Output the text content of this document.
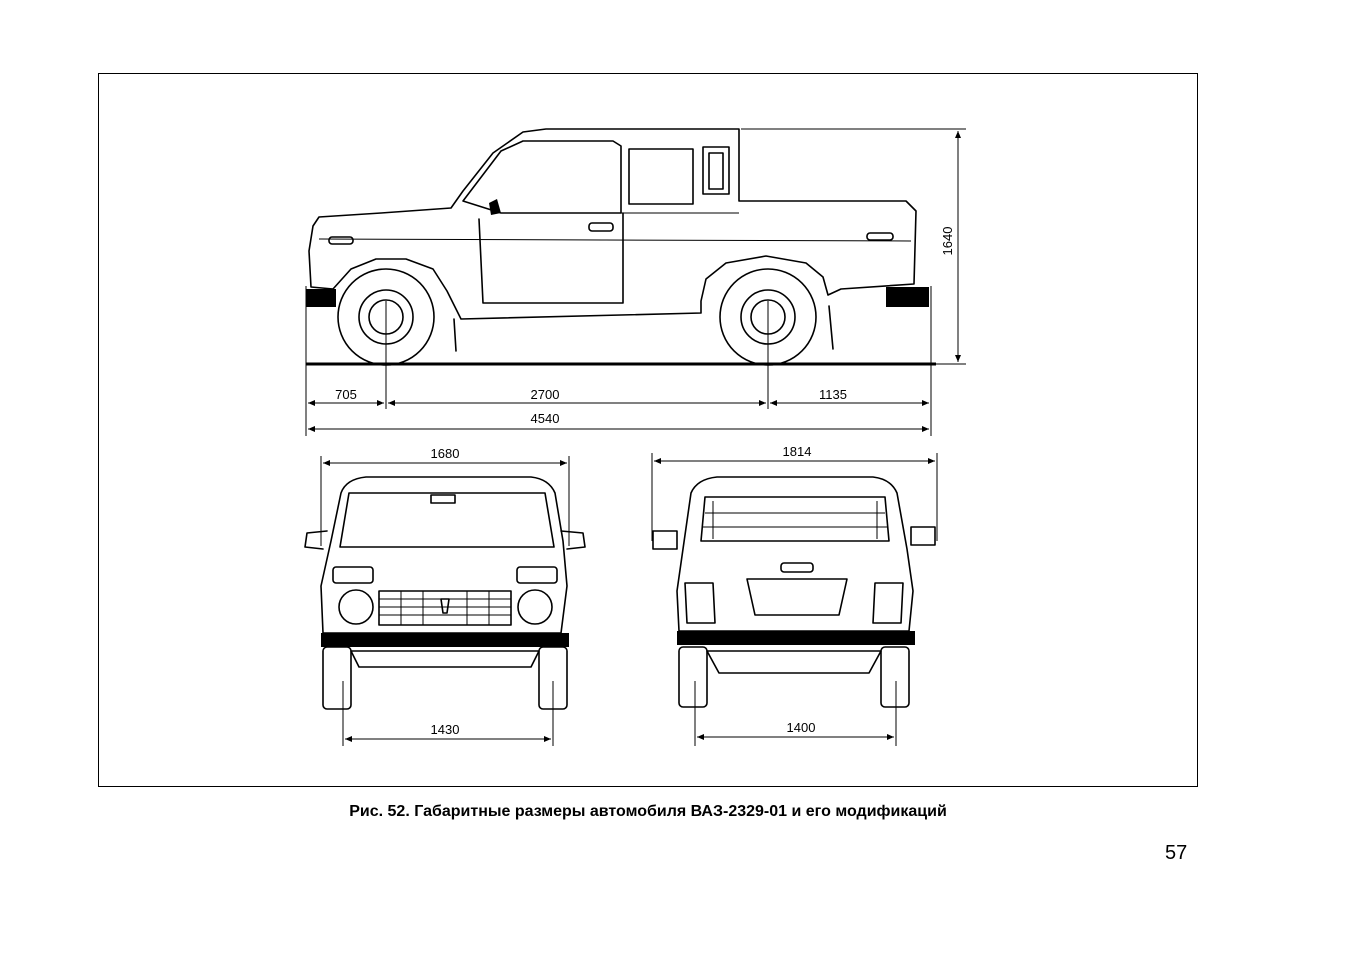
705	2700	1135
4540
1640
1680
1430
1814
1400
Рис. 52. Габаритные размеры автомобиля ВАЗ-2329-01 и его модификаций
57
